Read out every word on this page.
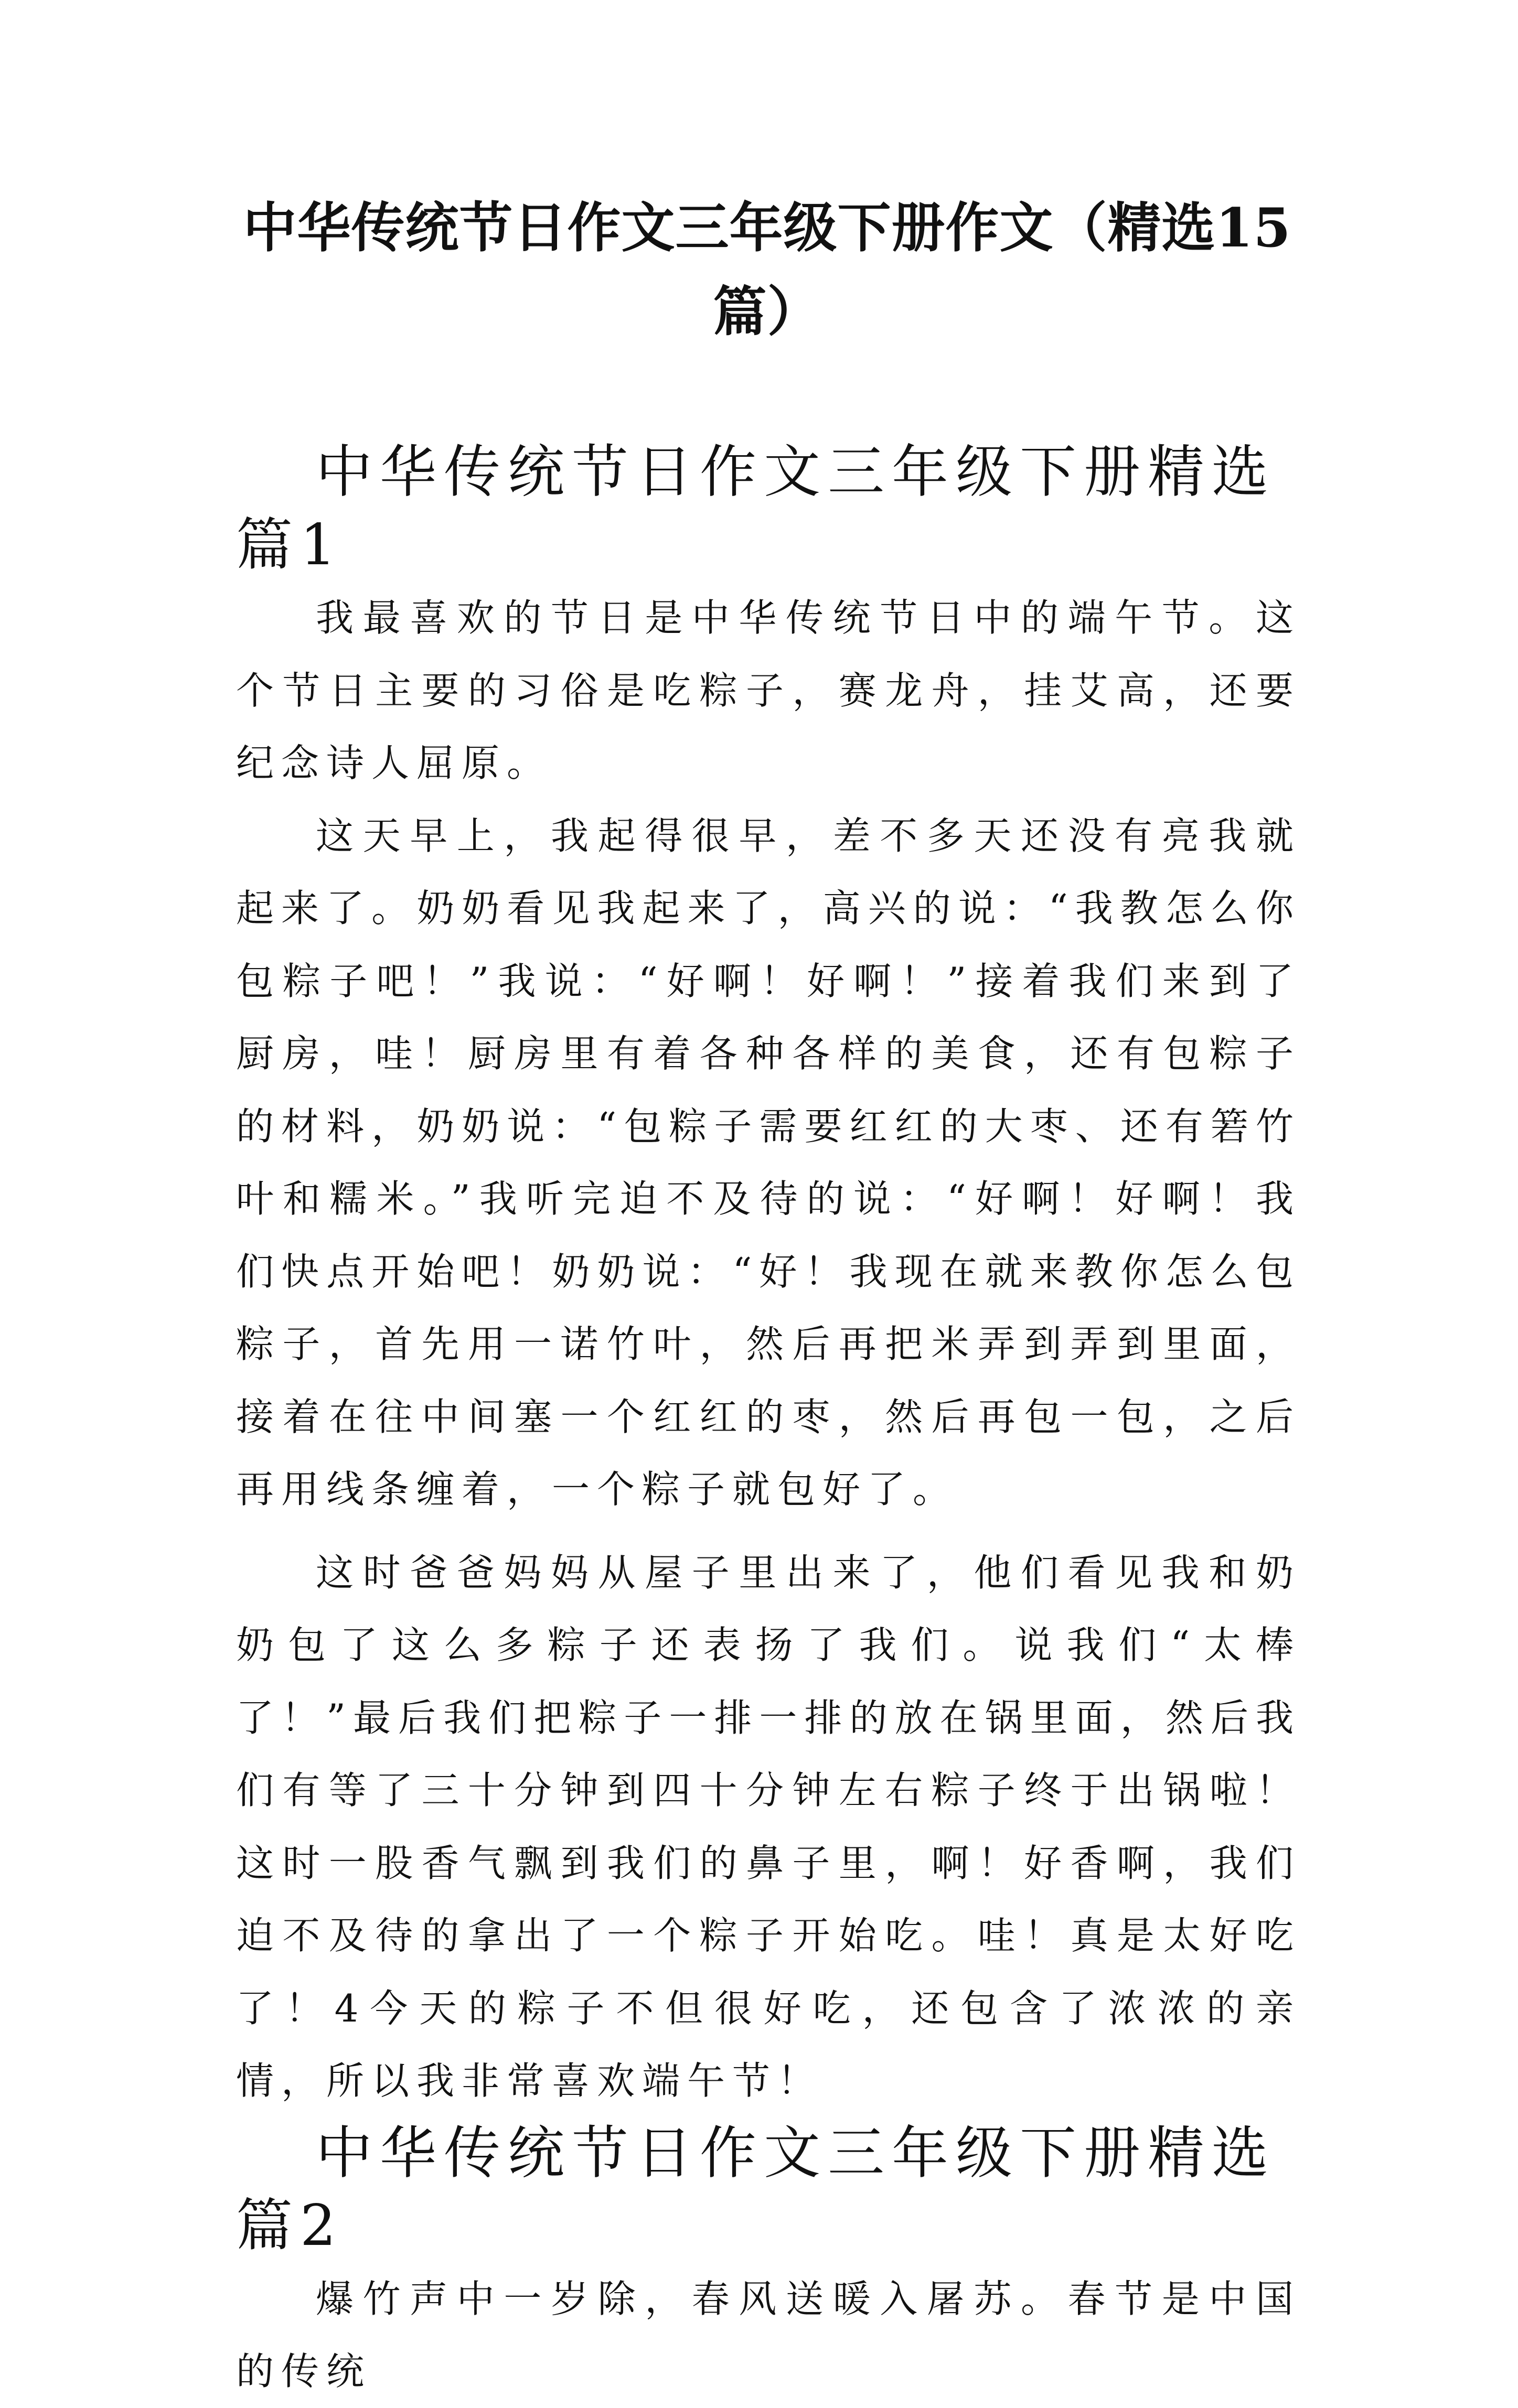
中华传统节日作文三年级下册作文（精选15篇）
中华传统节日作文三年级下册精选篇1

我最喜欢的节日是中华传统节日中的端午节。这个节日主要的习俗是吃粽子，赛龙舟，挂艾高，还要纪念诗人屈原。

这天早上，我起得很早，差不多天还没有亮我就起来了。奶奶看见我起来了，高兴的说：“我教怎么你包粽子吧！”我说：“好啊！好啊！”接着我们来到了厨房，哇！厨房里有着各种各样的美食，还有包粽子的材料，奶奶说：“包粽子需要红红的大枣、还有箬竹叶和糯米。”我听完迫不及待的说：“好啊！好啊！我们快点开始吧！奶奶说：“好！我现在就来教你怎么包粽子，首先用一诺竹叶，然后再把米弄到弄到里面，接着在往中间塞一个红红的枣，然后再包一包，之后再用线条缠着，一个粽子就包好了。

这时爸爸妈妈从屋子里出来了，他们看见我和奶奶包了这么多粽子还表扬了我们。说我们“太棒了！”最后我们把粽子一排一排的放在锅里面，然后我们有等了三十分钟到四十分钟左右粽子终于出锅啦！这时一股香气飘到我们的鼻子里，啊！好香啊，我们迫不及待的拿出了一个粽子开始吃。哇！真是太好吃了！4今天的粽子不但很好吃，还包含了浓浓的亲情，所以我非常喜欢端午节！

中华传统节日作文三年级下册精选篇2

爆竹声中一岁除，春风送暖入屠苏。春节是中国的传统
